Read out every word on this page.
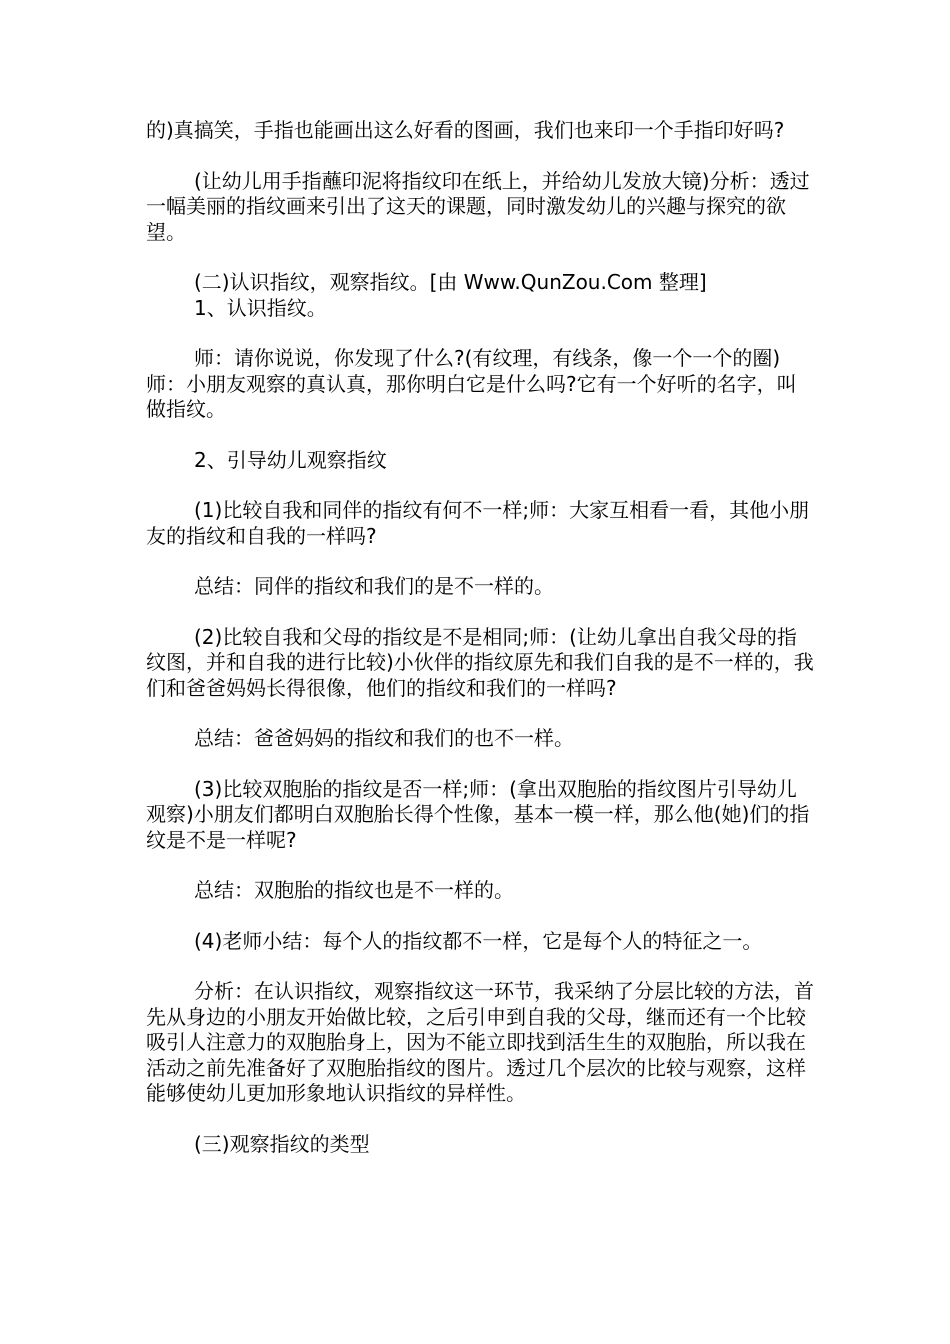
的)真搞笑，手指也能画出这么好看的图画，我们也来印一个手指印好吗?

(让幼儿用手指蘸印泥将指纹印在纸上，并给幼儿发放大镜)分析：透过一幅美丽的指纹画来引出了这天的课题，同时激发幼儿的兴趣与探究的欲望。

(二)认识指纹，观察指纹。[由 Www.QunZou.Com 整理]

1、认识指纹。

师：请你说说，你发现了什么?(有纹理，有线条，像一个一个的圈)师：小朋友观察的真认真，那你明白它是什么吗?它有一个好听的名字，叫做指纹。

2、引导幼儿观察指纹

(1)比较自我和同伴的指纹有何不一样;师：大家互相看一看，其他小朋友的指纹和自我的一样吗?

总结：同伴的指纹和我们的是不一样的。

(2)比较自我和父母的指纹是不是相同;师：(让幼儿拿出自我父母的指纹图，并和自我的进行比较)小伙伴的指纹原先和我们自我的是不一样的，我们和爸爸妈妈长得很像，他们的指纹和我们的一样吗?

总结：爸爸妈妈的指纹和我们的也不一样。

(3)比较双胞胎的指纹是否一样;师：(拿出双胞胎的指纹图片引导幼儿观察)小朋友们都明白双胞胎长得个性像，基本一模一样，那么他(她)们的指纹是不是一样呢?

总结：双胞胎的指纹也是不一样的。

(4)老师小结：每个人的指纹都不一样，它是每个人的特征之一。

分析：在认识指纹，观察指纹这一环节，我采纳了分层比较的方法，首先从身边的小朋友开始做比较，之后引申到自我的父母，继而还有一个比较吸引人注意力的双胞胎身上，因为不能立即找到活生生的双胞胎，所以我在活动之前先准备好了双胞胎指纹的图片。透过几个层次的比较与观察，这样能够使幼儿更加形象地认识指纹的异样性。

(三)观察指纹的类型
